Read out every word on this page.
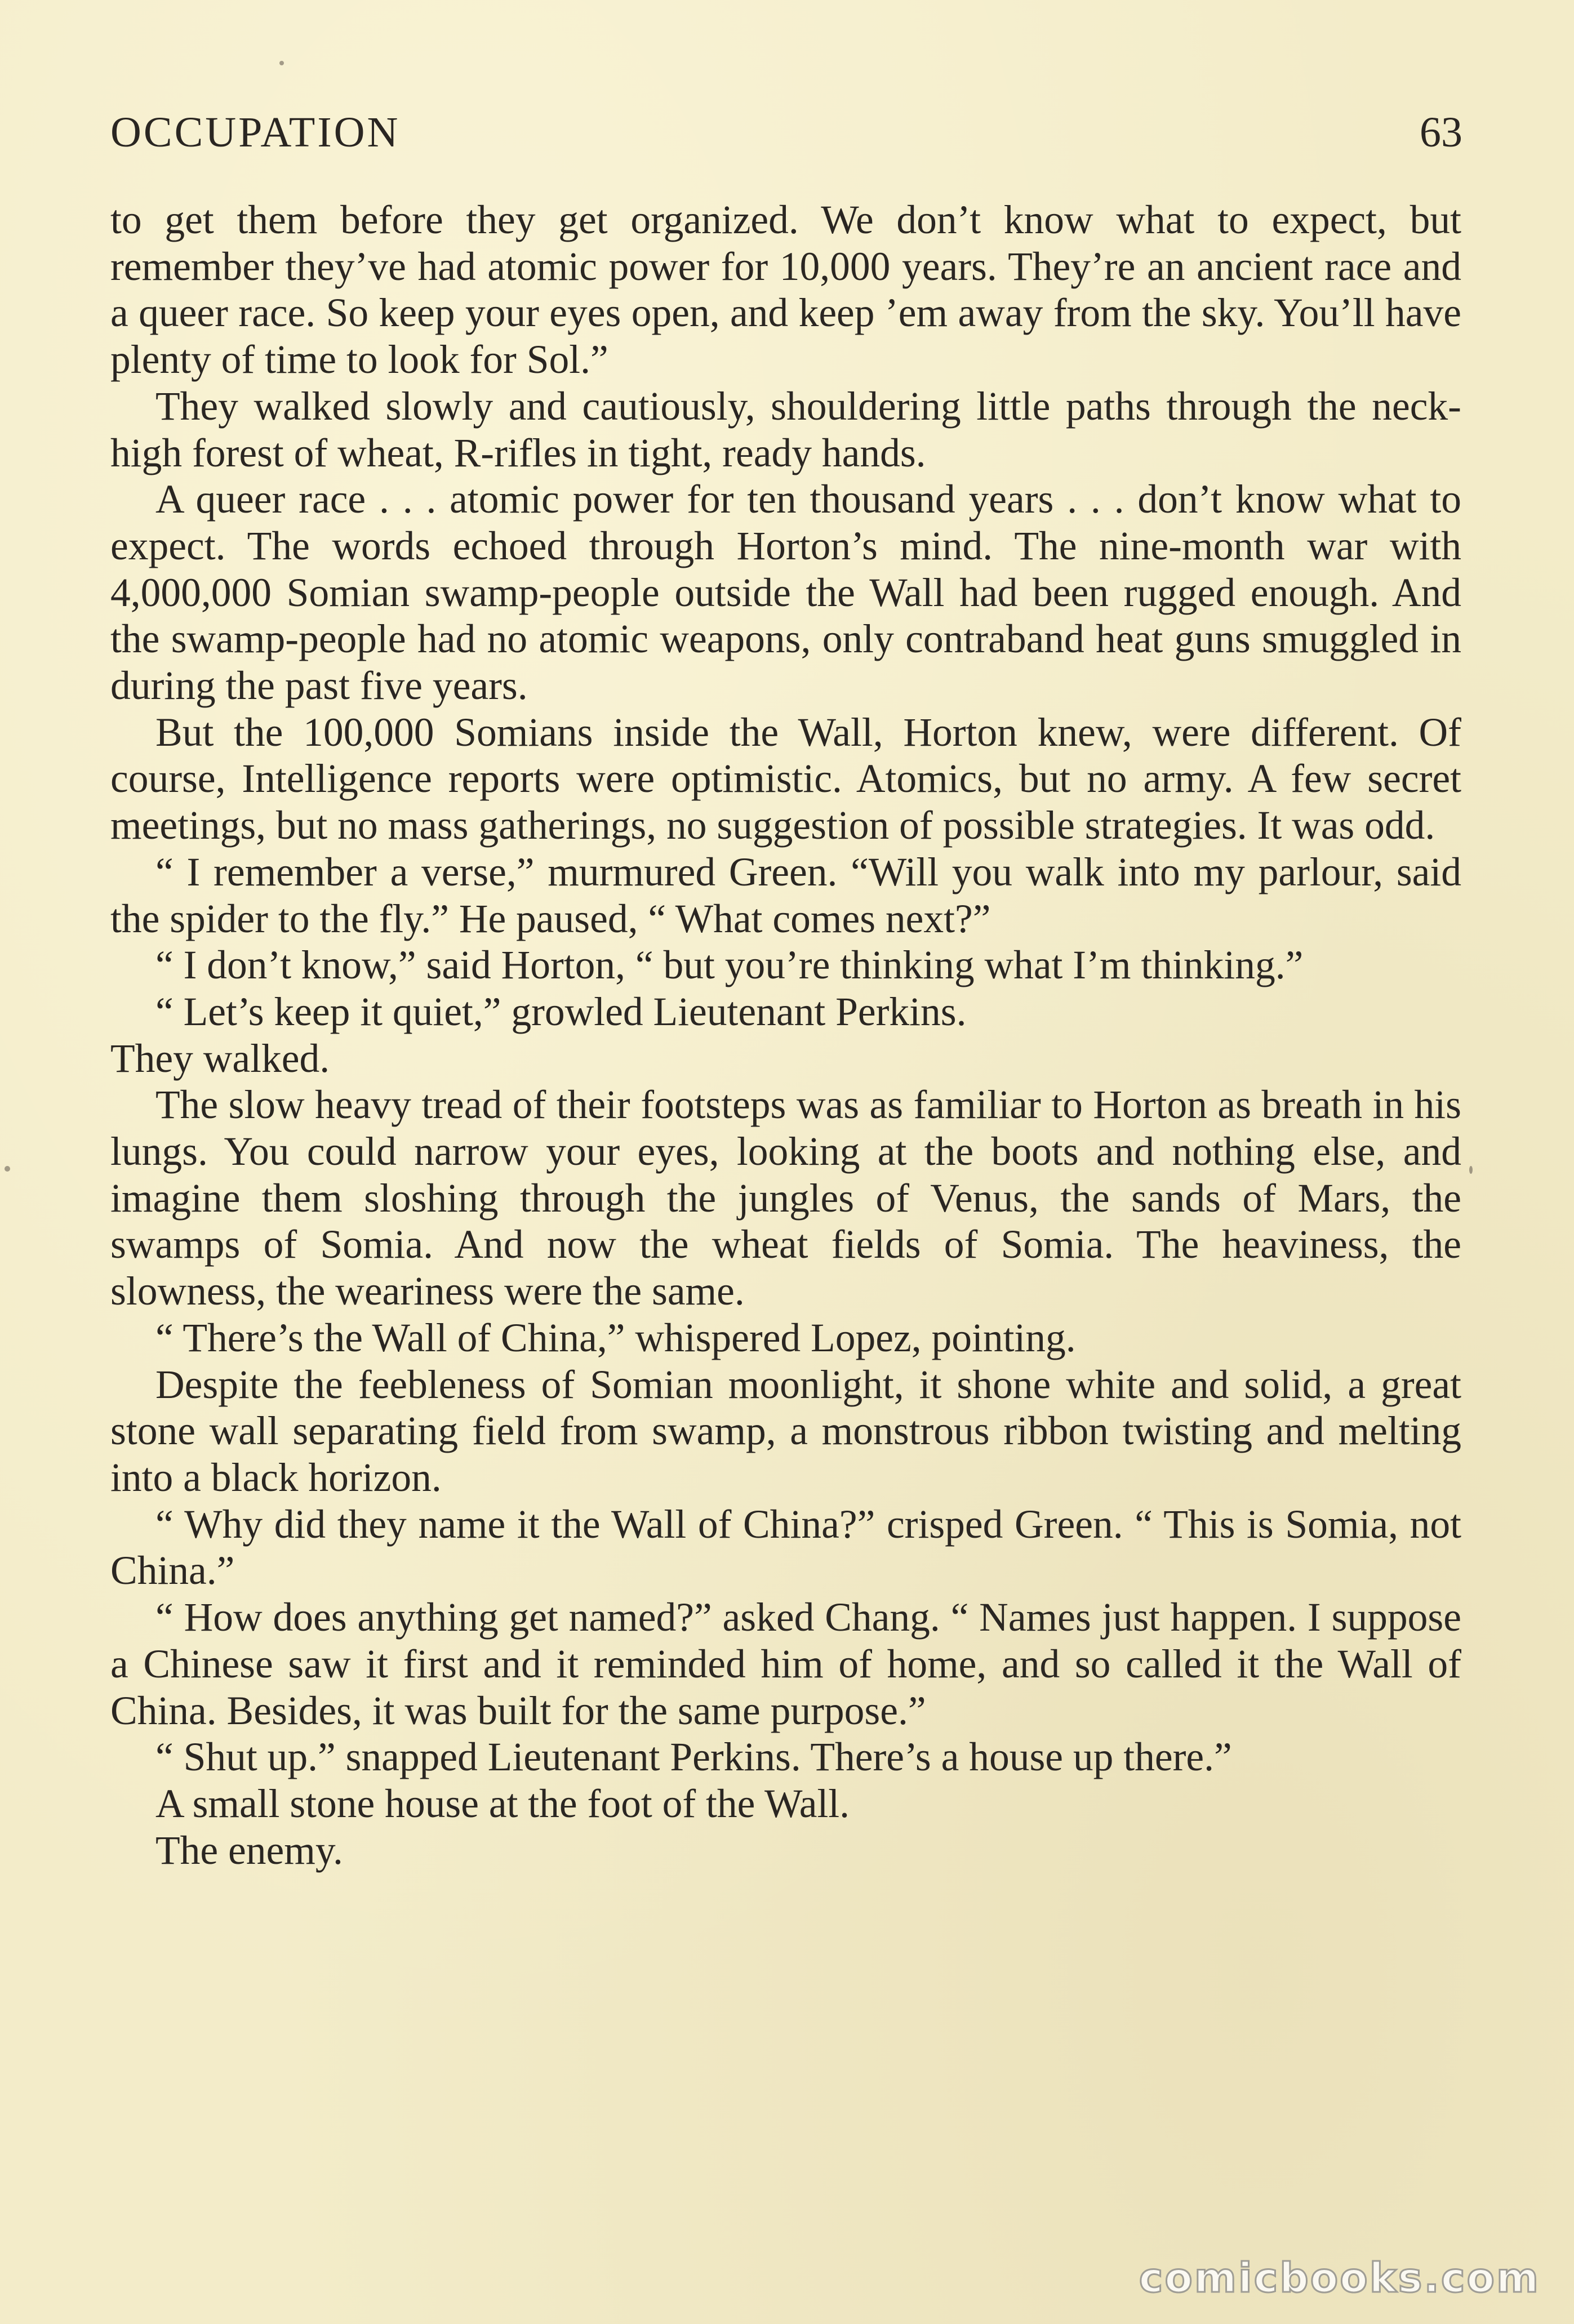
OCCUPATION	63

to get them before they get organized. We don’t know what to expect, but remember they’ve had atomic power for 10,000 years. They’re an ancient race and a queer race. So keep your eyes open, and keep ’em away from the sky. You’ll have plenty of time to look for Sol.”

They walked slowly and cautiously, shouldering little paths through the neck-high forest of wheat, R-rifles in tight, ready hands.

A queer race . . . atomic power for ten thousand years . . . don’t know what to expect. The words echoed through Horton’s mind. The nine-month war with 4,000,000 Somian swamp-people outside the Wall had been rugged enough. And the swamp-people had no atomic weapons, only contraband heat guns smuggled in during the past five years.

But the 100,000 Somians inside the Wall, Horton knew, were different. Of course, Intelligence reports were optimistic. Atomics, but no army. A few secret meetings, but no mass gatherings, no suggestion of possible strategies. It was odd.

“ I remember a verse,” murmured Green. “Will you walk into my parlour, said the spider to the fly.” He paused, “ What comes next?”

“ I don’t know,” said Horton, “ but you’re thinking what I’m thinking.”

“ Let’s keep it quiet,” growled Lieutenant Perkins.

They walked.

The slow heavy tread of their footsteps was as familiar to Horton as breath in his lungs. You could narrow your eyes, looking at the boots and nothing else, and imagine them sloshing through the jungles of Venus, the sands of Mars, the swamps of Somia. And now the wheat fields of Somia. The heaviness, the slowness, the weariness were the same.

“ There’s the Wall of China,” whispered Lopez, pointing.

Despite the feebleness of Somian moonlight, it shone white and solid, a great stone wall separating field from swamp, a monstrous ribbon twisting and melting into a black horizon.

“ Why did they name it the Wall of China?” crisped Green. “ This is Somia, not China.”

“ How does anything get named?” asked Chang. “ Names just happen. I suppose a Chinese saw it first and it reminded him of home, and so called it the Wall of China. Besides, it was built for the same purpose.”

“ Shut up.” snapped Lieutenant Perkins. There’s a house up there.”

A small stone house at the foot of the Wall.

The enemy.

comicbooks.com
